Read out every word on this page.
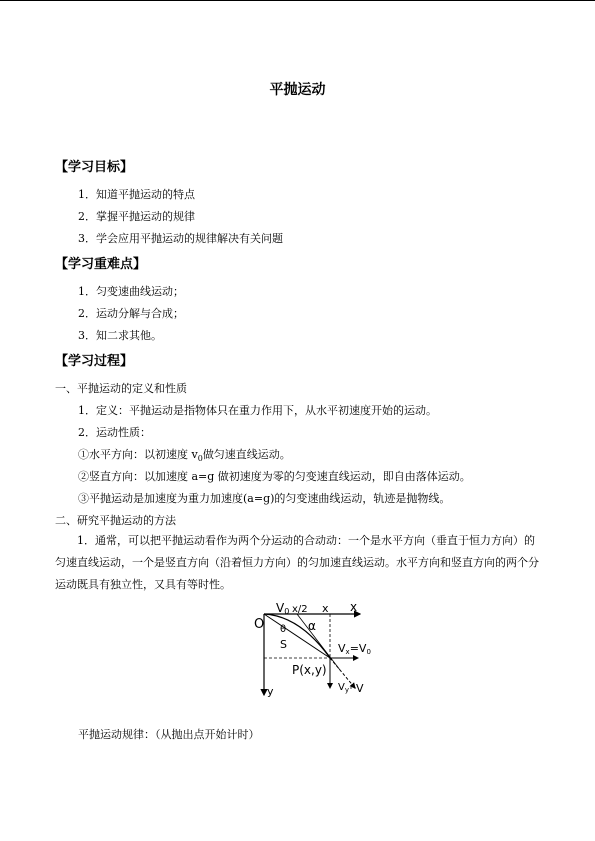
平抛运动
【学习目标】
1．知道平抛运动的特点
2．掌握平抛运动的规律
3．学会应用平抛运动的规律解决有关问题
【学习重难点】
1．匀变速曲线运动；
2．运动分解与合成；
3．知二求其他。
【学习过程】
一、平抛运动的定义和性质
1．定义：平抛运动是指物体只在重力作用下，从水平初速度开始的运动。
2．运动性质：
①水平方向：以初速度 $v_0$做匀速直线运动。
②竖直方向：以加速度 a=g 做初速度为零的匀变速直线运动，即自由落体运动。
③平抛运动是加速度为重力加速度(a=g)的匀变速曲线运动，轨迹是抛物线。
二、研究平抛运动的方法
1．通常，可以把平抛运动看作为两个分运动的合动动：一个是水平方向（垂直于恒力方向）的匀速直线运动，一个是竖直方向（沿着恒力方向）的匀加速直线运动。水平方向和竖直方向的两个分运动既具有独立性，又具有等时性。
V0 x/2 x x
O θ α
S	Vx=V0
P(x,y)
$V_y$ V
y
平抛运动规律：（从抛出点开始计时）
